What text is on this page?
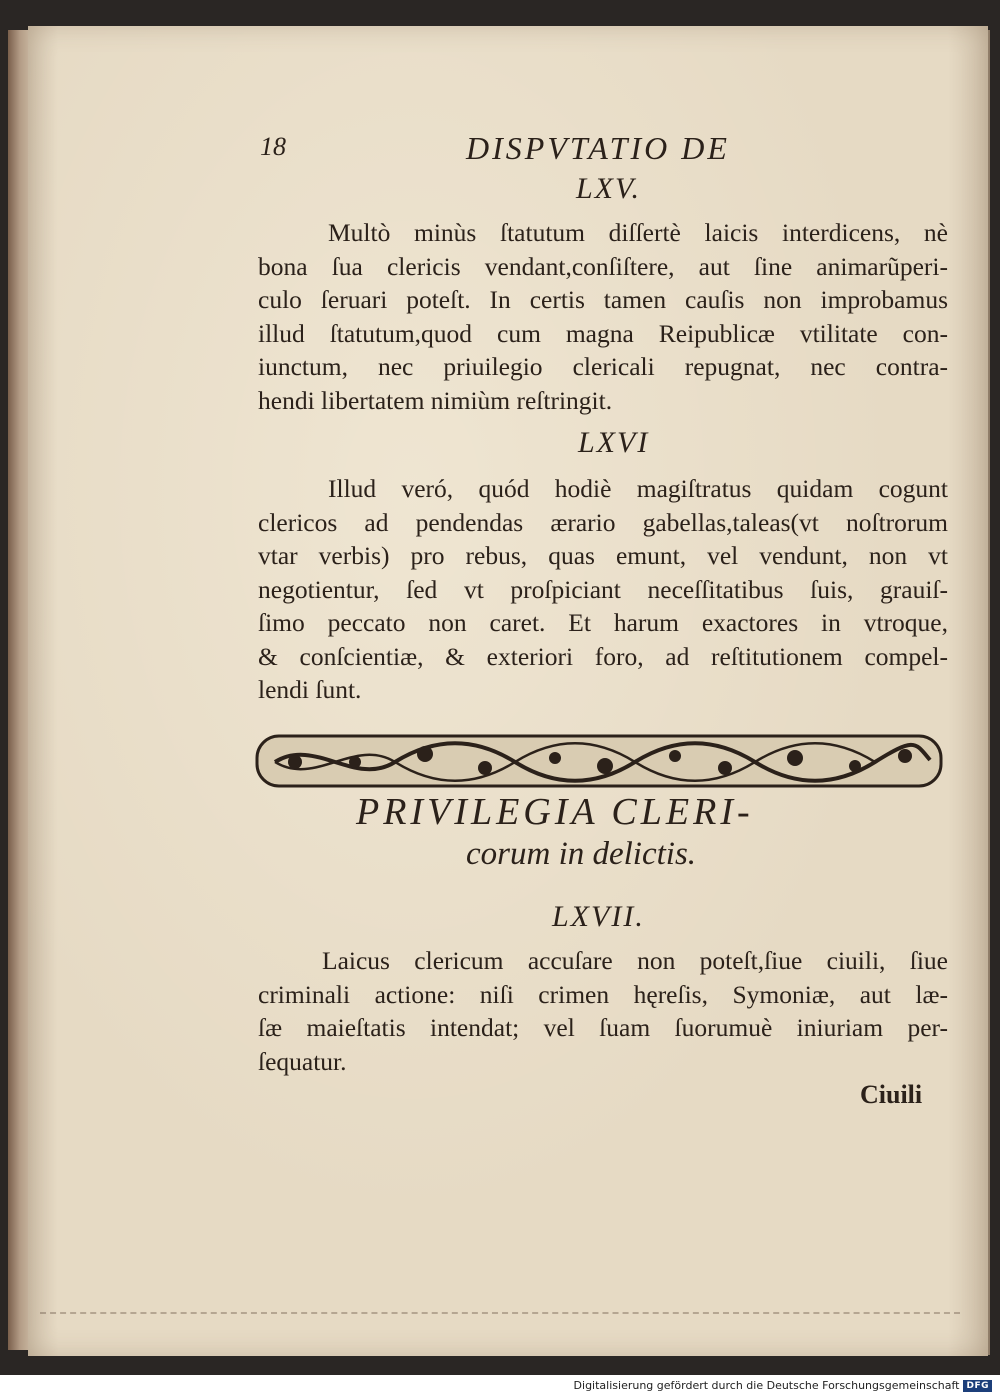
18	DISPVTATIO DE
LXV.
Multò minùs ſtatutum diſſertè laicis interdicens, nè
bona ſua clericis vendant,conſiſtere, aut ſine animarũperi-
culo ſeruari poteſt. In certis tamen cauſis non improbamus
illud ſtatutum,quod cum magna Reipublicæ vtilitate con-
iunctum, nec priuilegio clericali repugnat, nec contra-
hendi libertatem nimiùm reſtringit.
LXVI
Illud veró, quód hodiè magiſtratus quidam cogunt
clericos ad pendendas ærario gabellas,taleas(vt noſtrorum
vtar verbis) pro rebus, quas emunt, vel vendunt, non vt
negotientur, ſed vt proſpiciant neceſſitatibus ſuis, grauiſ-
ſimo peccato non caret. Et harum exactores in vtroque,
& conſcientiæ, & exteriori foro, ad reſtitutionem compel-
lendi ſunt.
PRIVILEGIA CLERI-
corum in delictis.
LXVII.
Laicus clericum accuſare non poteſt,ſiue ciuili, ſiue
criminali actione: niſi crimen hęreſis, Symoniæ, aut læ-
ſæ maieſtatis intendat; vel ſuam ſuorumuè iniuriam per-
ſequatur.
Ciuili
Digitalisierung gefördert durch die Deutsche Forschungsgemeinschaft DFG
